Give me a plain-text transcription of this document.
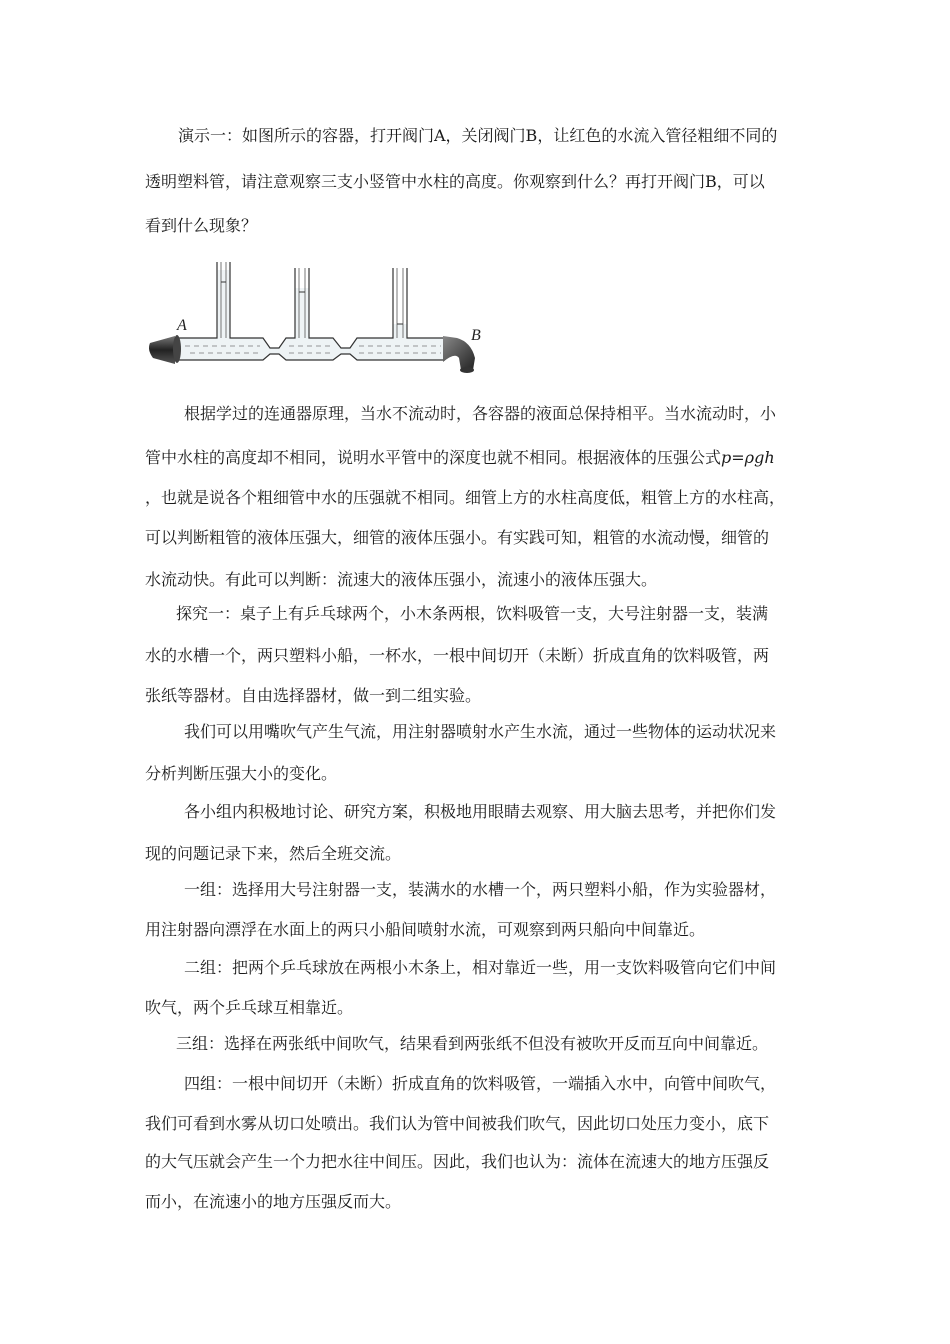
演示一：如图所示的容器，打开阀门A，关闭阀门B，让红色的水流入管径粗细不同的
透明塑料管，请注意观察三支小竖管中水柱的高度。你观察到什么？再打开阀门B，可以
看到什么现象？
A
B
根据学过的连通器原理，当水不流动时，各容器的液面总保持相平。当水流动时，小
管中水柱的高度却不相同，说明水平管中的深度也就不相同。根据液体的压强公式p=ρgh
，也就是说各个粗细管中水的压强就不相同。细管上方的水柱高度低，粗管上方的水柱高，
可以判断粗管的液体压强大，细管的液体压强小。有实践可知，粗管的水流动慢，细管的
水流动快。有此可以判断：流速大的液体压强小，流速小的液体压强大。
探究一：桌子上有乒乓球两个，小木条两根，饮料吸管一支，大号注射器一支，装满
水的水槽一个，两只塑料小船，一杯水，一根中间切开（未断）折成直角的饮料吸管，两
张纸等器材。自由选择器材，做一到二组实验。
我们可以用嘴吹气产生气流，用注射器喷射水产生水流，通过一些物体的运动状况来
分析判断压强大小的变化。
各小组内积极地讨论、研究方案，积极地用眼睛去观察、用大脑去思考，并把你们发
现的问题记录下来，然后全班交流。
一组：选择用大号注射器一支，装满水的水槽一个，两只塑料小船，作为实验器材，
用注射器向漂浮在水面上的两只小船间喷射水流，可观察到两只船向中间靠近。
二组：把两个乒乓球放在两根小木条上，相对靠近一些，用一支饮料吸管向它们中间
吹气，两个乒乓球互相靠近。
三组：选择在两张纸中间吹气，结果看到两张纸不但没有被吹开反而互向中间靠近。
四组：一根中间切开（未断）折成直角的饮料吸管，一端插入水中，向管中间吹气，
我们可看到水雾从切口处喷出。我们认为管中间被我们吹气，因此切口处压力变小，底下
的大气压就会产生一个力把水往中间压。因此，我们也认为：流体在流速大的地方压强反
而小，在流速小的地方压强反而大。
